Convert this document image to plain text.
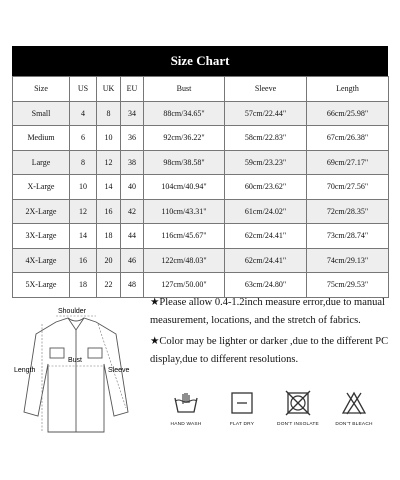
Size Chart
Size	US	UK	EU	Bust	Sleeve	Length
Small	4	8	34	88cm/34.65"	57cm/22.44"	66cm/25.98"
Medium	6	10	36	92cm/36.22"	58cm/22.83"	67cm/26.38"
Large	8	12	38	98cm/38.58"	59cm/23.23"	69cm/27.17"
X-Large	10	14	40	104cm/40.94"	60cm/23.62"	70cm/27.56"
2X-Large	12	16	42	110cm/43.31"	61cm/24.02"	72cm/28.35"
3X-Large	14	18	44	116cm/45.67"	62cm/24.41"	73cm/28.74"
4X-Large	16	20	46	122cm/48.03"	62cm/24.41"	74cm/29.13"
5X-Large	18	22	48	127cm/50.00"	63cm/24.80"	75cm/29.53"
Shoulder
Bust
Length	Sleeve

★Please allow 0.4-1.2inch measure error,due to manual measurement, locations, and the stretch of fabrics.

★Color may be lighter or darker ,due to the different PC display,due to different resolutions.

HAND WASH	FLAT DRY	DON'T INSOLATE	DON'T BLEACH
